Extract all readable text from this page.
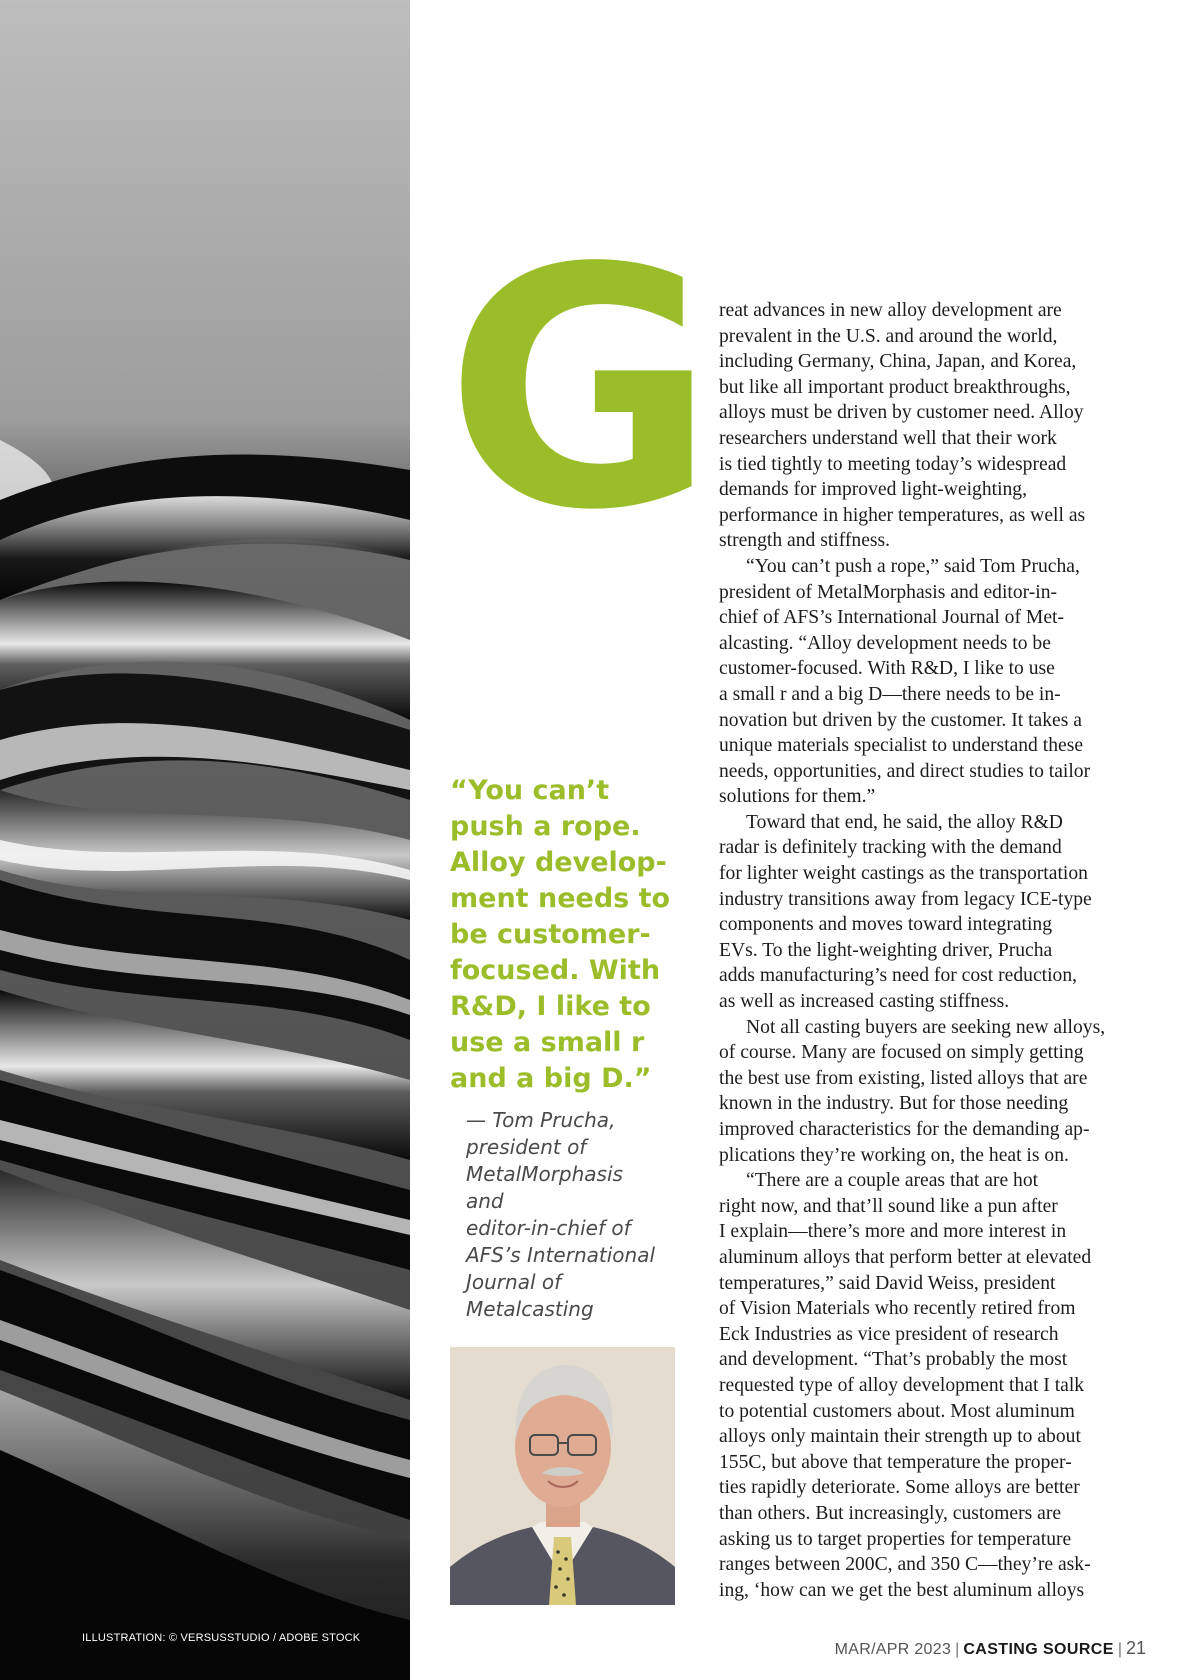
ILLUSTRATION: © VERSUSSTUDIO / ADOBE STOCK
G
“You can’t
push a rope.
Alloy develop-
ment needs to
be customer-
focused. With
R&D, I like to
use a small r
and a big D.”
— Tom Prucha,
president of
MetalMorphasis
and
editor-in-chief of
AFS’s International
Journal of
Metalcasting
reat advances in new alloy development are
prevalent in the U.S. and around the world,
including Germany, China, Japan, and Korea,
but like all important product breakthroughs,
alloys must be driven by customer need. Alloy
researchers understand well that their work
is tied tightly to meeting today’s widespread
demands for improved light-weighting,
performance in higher temperatures, as well as
strength and stiffness.
“You can’t push a rope,” said Tom Prucha,
president of MetalMorphasis and editor-in-
chief of AFS’s International Journal of Met-
alcasting. “Alloy development needs to be
customer-focused. With R&D, I like to use
a small r and a big D—there needs to be in-
novation but driven by the customer. It takes a
unique materials specialist to understand these
needs, opportunities, and direct studies to tailor
solutions for them.”
Toward that end, he said, the alloy R&D
radar is definitely tracking with the demand
for lighter weight castings as the transportation
industry transitions away from legacy ICE-type
components and moves toward integrating
EVs. To the light-weighting driver, Prucha
adds manufacturing’s need for cost reduction,
as well as increased casting stiffness.
Not all casting buyers are seeking new alloys,
of course. Many are focused on simply getting
the best use from existing, listed alloys that are
known in the industry. But for those needing
improved characteristics for the demanding ap-
plications they’re working on, the heat is on.
“There are a couple areas that are hot
right now, and that’ll sound like a pun after
I explain—there’s more and more interest in
aluminum alloys that perform better at elevated
temperatures,” said David Weiss, president
of Vision Materials who recently retired from
Eck Industries as vice president of research
and development. “That’s probably the most
requested type of alloy development that I talk
to potential customers about. Most aluminum
alloys only maintain their strength up to about
155C, but above that temperature the proper-
ties rapidly deteriorate. Some alloys are better
than others. But increasingly, customers are
asking us to target properties for temperature
ranges between 200C, and 350 C—they’re ask-
ing, ‘how can we get the best aluminum alloys
MAR/APR 2023 | CASTING SOURCE | 21
